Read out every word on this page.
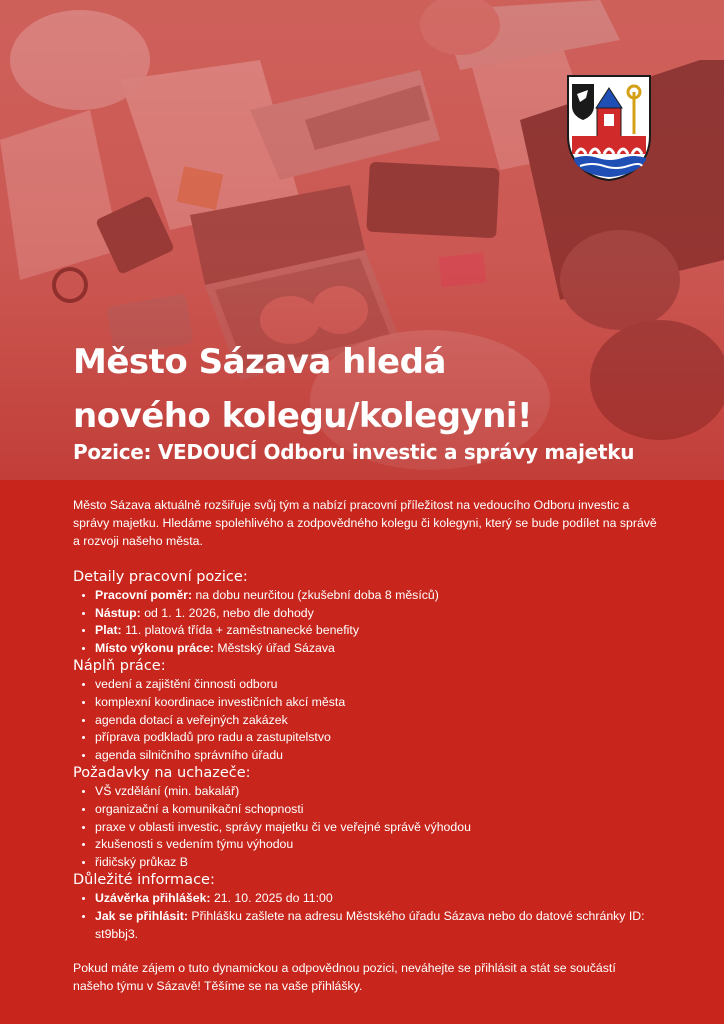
Město Sázava hledá
nového kolegu/kolegyni!
Pozice: VEDOUCÍ Odboru investic a správy majetku

Město Sázava aktuálně rozšiřuje svůj tým a nabízí pracovní příležitost na vedoucího Odboru investic a správy majetku. Hledáme spolehlivého a zodpovědného kolegu či kolegyni, který se bude podílet na správě a rozvoji našeho města.

Detaily pracovní pozice:
• Pracovní poměr: na dobu neurčitou (zkušební doba 8 měsíců)
• Nástup: od 1. 1. 2026, nebo dle dohody
• Plat: 11. platová třída + zaměstnanecké benefity
• Místo výkonu práce: Městský úřad Sázava
Náplň práce:
• vedení a zajištění činnosti odboru
• komplexní koordinace investičních akcí města
• agenda dotací a veřejných zakázek
• příprava podkladů pro radu a zastupitelstvo
• agenda silničního správního úřadu
Požadavky na uchazeče:
• VŠ vzdělání (min. bakalář)
• organizační a komunikační schopnosti
• praxe v oblasti investic, správy majetku či ve veřejné správě výhodou
• zkušenosti s vedením týmu výhodou
• řidičský průkaz B
Důležité informace:
• Uzávěrka přihlášek: 21. 10. 2025 do 11:00
• Jak se přihlásit: Přihlášku zašlete na adresu Městského úřadu Sázava nebo do datové schránky ID: st9bbj3.

Pokud máte zájem o tuto dynamickou a odpovědnou pozici, neváhejte se přihlásit a stát se součástí našeho týmu v Sázavě! Těšíme se na vaše přihlášky.
